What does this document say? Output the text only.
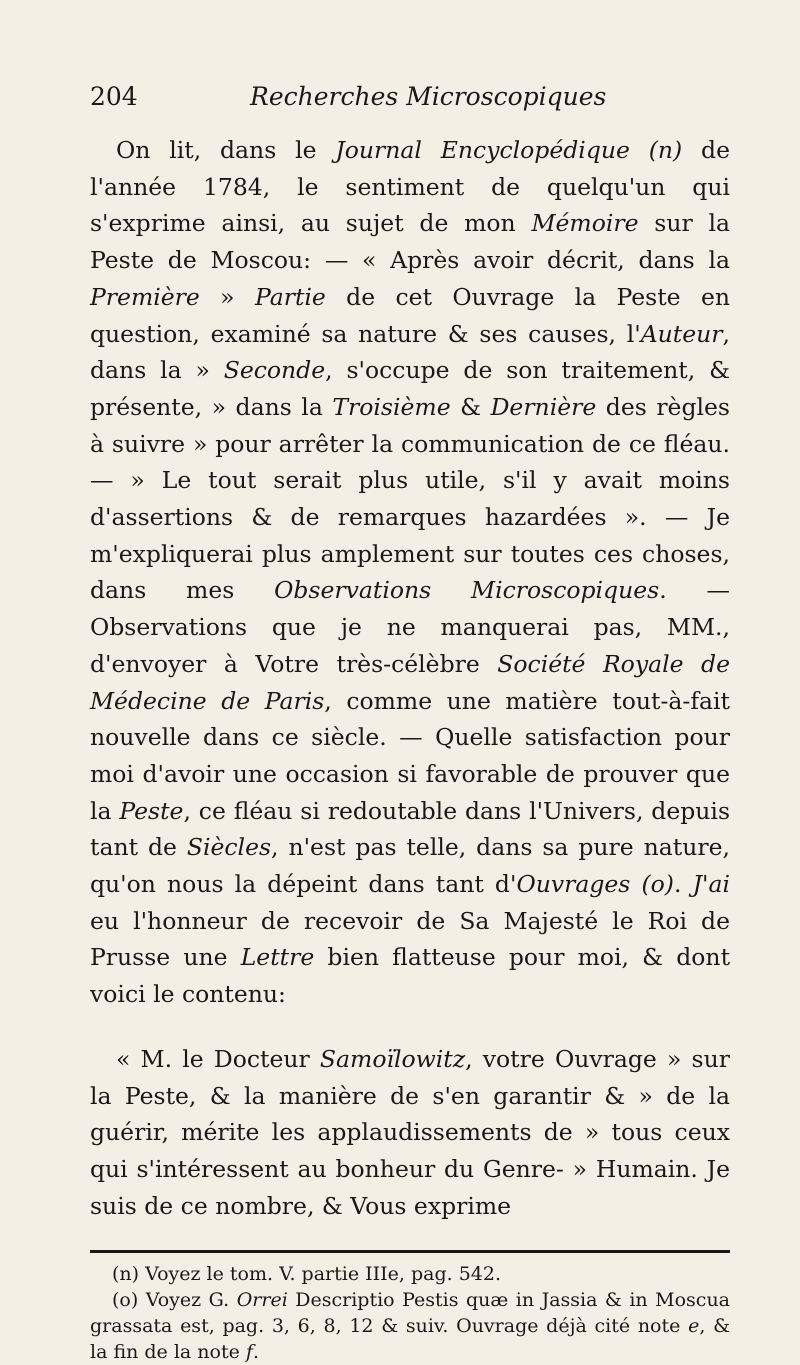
204	Recherches Microscopiques

On lit, dans le Journal Encyclopédique (n) de l'année 1784, le sentiment de quelqu'un qui s'exprime ainsi, au sujet de mon Mémoire sur la Peste de Moscou: — « Après avoir décrit, dans la Première » Partie de cet Ouvrage la Peste en question, examiné sa nature & ses causes, l'Auteur, dans la » Seconde, s'occupe de son traitement, & présente, » dans la Troisième & Dernière des règles à suivre » pour arrêter la communication de ce fléau. — » Le tout serait plus utile, s'il y avait moins d'assertions & de remarques hazardées ». — Je m'expliquerai plus amplement sur toutes ces choses, dans mes Observations Microscopiques. — Observations que je ne manquerai pas, MM., d'envoyer à Votre très-célèbre Société Royale de Médecine de Paris, comme une matière tout-à-fait nouvelle dans ce siècle. — Quelle satisfaction pour moi d'avoir une occasion si favorable de prouver que la Peste, ce fléau si redoutable dans l'Univers, depuis tant de Siècles, n'est pas telle, dans sa pure nature, qu'on nous la dépeint dans tant d'Ouvrages (o). J'ai eu l'honneur de recevoir de Sa Majesté le Roi de Prusse une Lettre bien flatteuse pour moi, & dont voici le contenu:

« M. le Docteur Samoïlowitz, votre Ouvrage » sur la Peste, & la manière de s'en garantir & » de la guérir, mérite les applaudissements de » tous ceux qui s'intéressent au bonheur du Genre- » Humain. Je suis de ce nombre, & Vous exprime

(n) Voyez le tom. V. partie IIIe, pag. 542.

(o) Voyez G. Orrei Descriptio Pestis quæ in Jassia & in Moscua grassata est, pag. 3, 6, 8, 12 & suiv. Ouvrage déjà cité note e, & la fin de la note f.
